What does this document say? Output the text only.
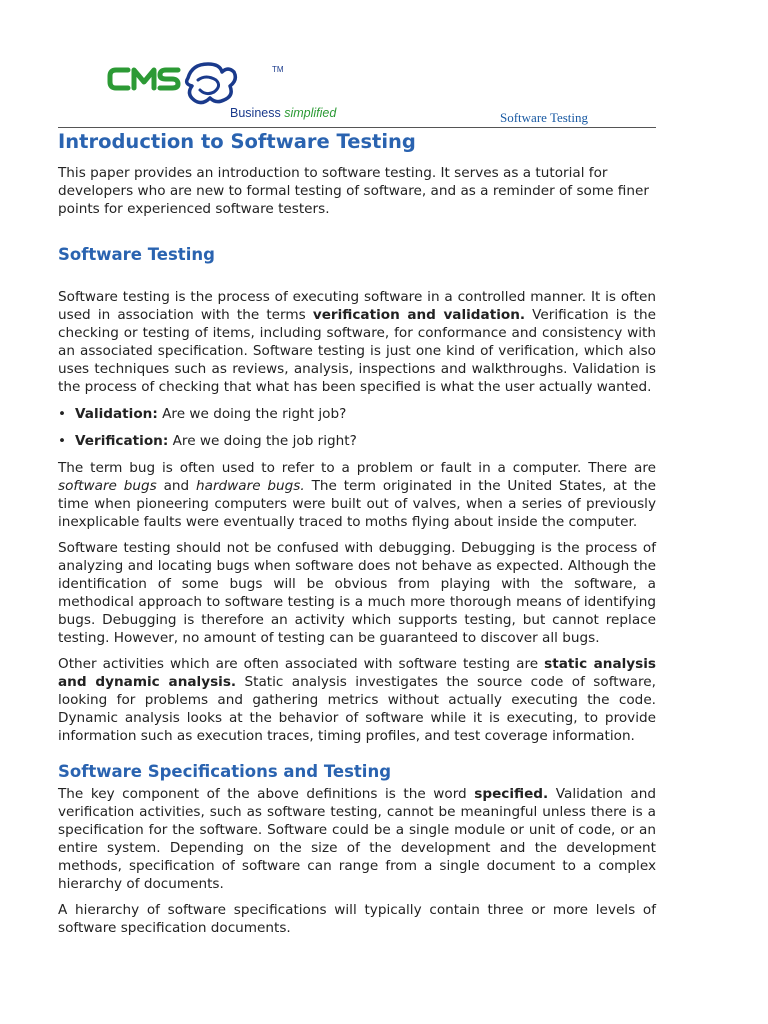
TM
Business simplified	Software Testing
Introduction to Software Testing

This paper provides an introduction to software testing. It serves as a tutorial for developers who are new to formal testing of software, and as a reminder of some finer points for experienced software testers.

Software Testing

Software testing is the process of executing software in a controlled manner. It is often used in association with the terms verification and validation. Verification is the checking or testing of items, including software, for conformance and consistency with an associated specification. Software testing is just one kind of verification, which also uses techniques such as reviews, analysis, inspections and walkthroughs. Validation is the process of checking that what has been specified is what the user actually wanted.

• Validation: Are we doing the right job?
• Verification: Are we doing the job right?

The term bug is often used to refer to a problem or fault in a computer. There are software bugs and hardware bugs. The term originated in the United States, at the time when pioneering computers were built out of valves, when a series of previously inexplicable faults were eventually traced to moths flying about inside the computer.

Software testing should not be confused with debugging. Debugging is the process of analyzing and locating bugs when software does not behave as expected. Although the identification of some bugs will be obvious from playing with the software, a methodical approach to software testing is a much more thorough means of identifying bugs. Debugging is therefore an activity which supports testing, but cannot replace testing. However, no amount of testing can be guaranteed to discover all bugs.

Other activities which are often associated with software testing are static analysis and dynamic analysis. Static analysis investigates the source code of software, looking for problems and gathering metrics without actually executing the code. Dynamic analysis looks at the behavior of software while it is executing, to provide information such as execution traces, timing profiles, and test coverage information.

Software Specifications and Testing

The key component of the above definitions is the word specified. Validation and verification activities, such as software testing, cannot be meaningful unless there is a specification for the software. Software could be a single module or unit of code, or an entire system. Depending on the size of the development and the development methods, specification of software can range from a single document to a complex hierarchy of documents.

A hierarchy of software specifications will typically contain three or more levels of software specification documents.
